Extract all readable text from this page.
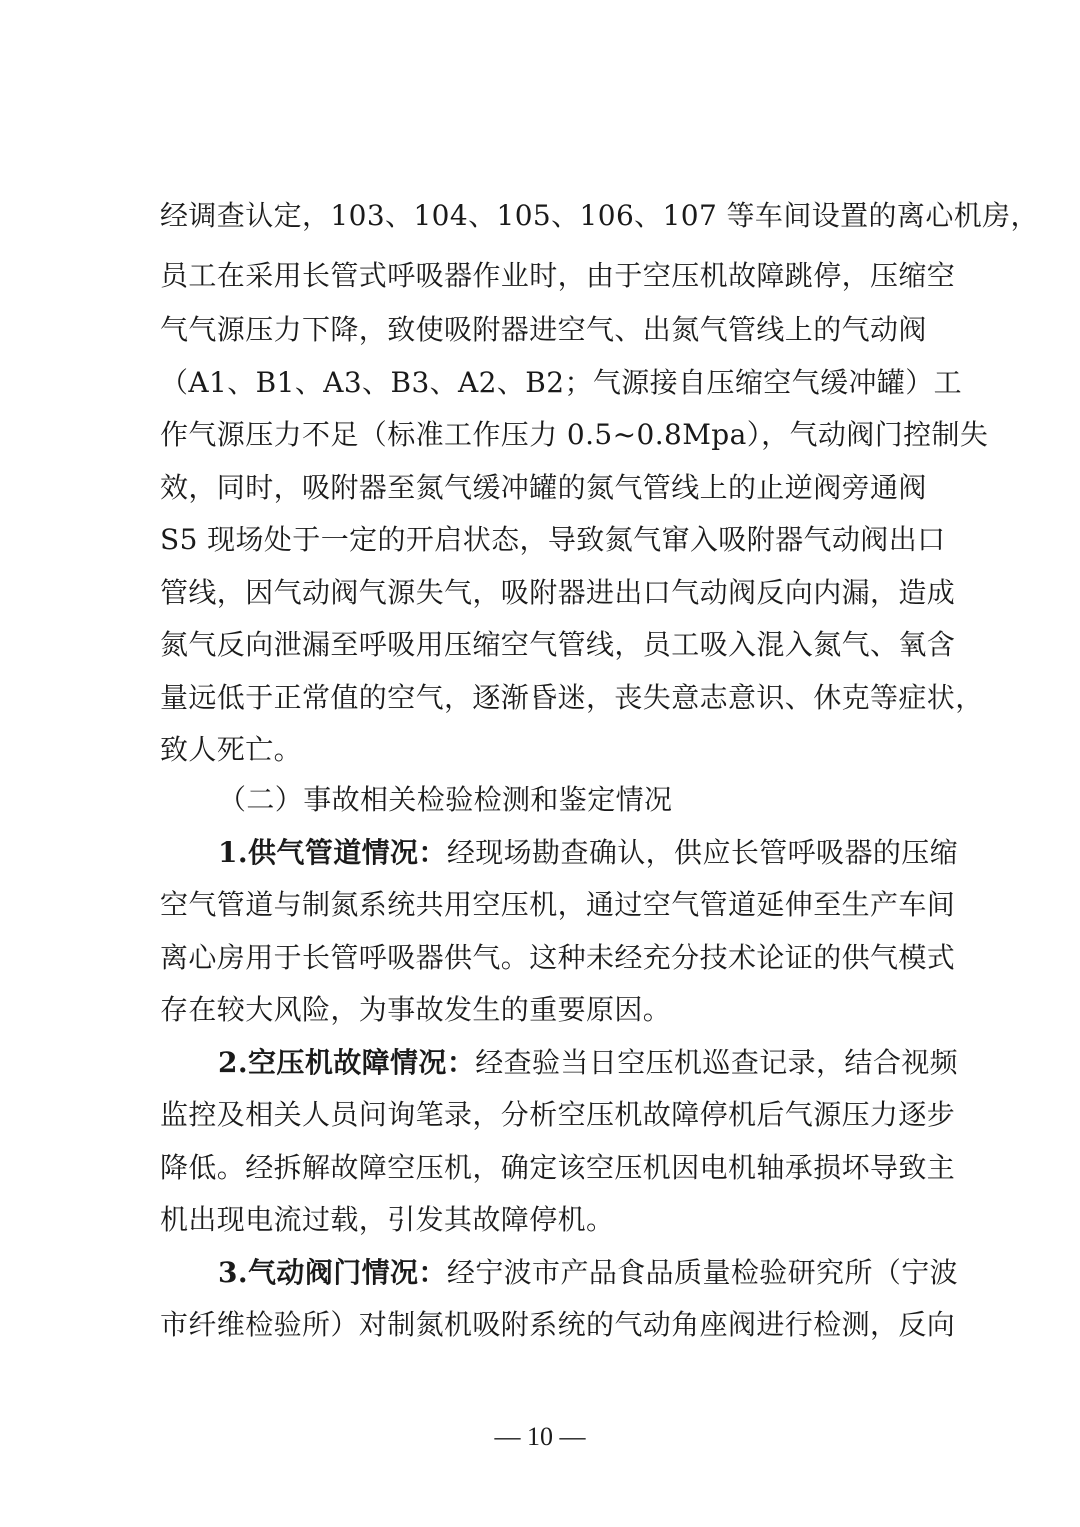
经调查认定，103、104、105、106、107 等车间设置的离心机房，
员工在采用长管式呼吸器作业时，由于空压机故障跳停，压缩空
气气源压力下降，致使吸附器进空气、出氮气管线上的气动阀
（A1、B1、A3、B3、A2、B2；气源接自压缩空气缓冲罐）工
作气源压力不足（标准工作压力 0.5~0.8Mpa），气动阀门控制失
效，同时，吸附器至氮气缓冲罐的氮气管线上的止逆阀旁通阀
S5 现场处于一定的开启状态，导致氮气窜入吸附器气动阀出口
管线，因气动阀气源失气，吸附器进出口气动阀反向内漏，造成
氮气反向泄漏至呼吸用压缩空气管线，员工吸入混入氮气、氧含
量远低于正常值的空气，逐渐昏迷，丧失意志意识、休克等症状，
致人死亡。
（二）事故相关检验检测和鉴定情况
1.供气管道情况：经现场勘查确认，供应长管呼吸器的压缩
空气管道与制氮系统共用空压机，通过空气管道延伸至生产车间
离心房用于长管呼吸器供气。这种未经充分技术论证的供气模式
存在较大风险，为事故发生的重要原因。
2.空压机故障情况：经查验当日空压机巡查记录，结合视频
监控及相关人员问询笔录，分析空压机故障停机后气源压力逐步
降低。经拆解故障空压机，确定该空压机因电机轴承损坏导致主
机出现电流过载，引发其故障停机。
3.气动阀门情况：经宁波市产品食品质量检验研究所（宁波
市纤维检验所）对制氮机吸附系统的气动角座阀进行检测，反向
— 10 —
